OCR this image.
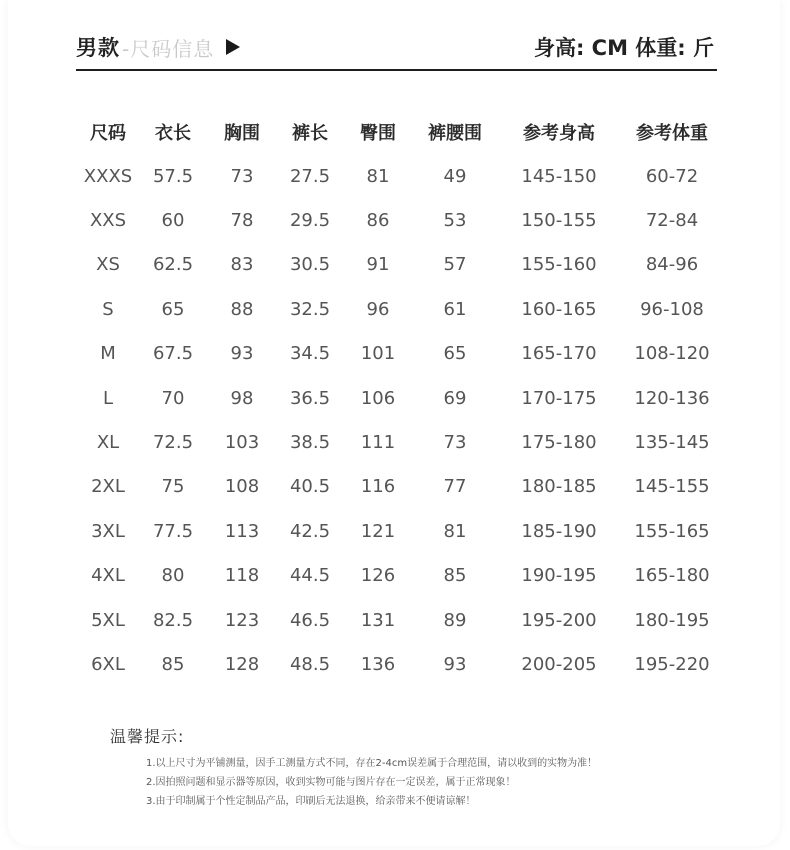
男款 -尺码信息	身高: CM 体重: 斤
尺码	衣长	胸围	裤长	臀围	裤腰围	参考身高	参考体重
XXXS	57.5	73	27.5	81	49	145-150	60-72
XXS	60	78	29.5	86	53	150-155	72-84
XS	62.5	83	30.5	91	57	155-160	84-96
S	65	88	32.5	96	61	160-165	96-108
M	67.5	93	34.5	101	65	165-170	108-120
L	70	98	36.5	106	69	170-175	120-136
XL	72.5	103	38.5	111	73	175-180	135-145
2XL	75	108	40.5	116	77	180-185	145-155
3XL	77.5	113	42.5	121	81	185-190	155-165
4XL	80	118	44.5	126	85	190-195	165-180
5XL	82.5	123	46.5	131	89	195-200	180-195
6XL	85	128	48.5	136	93	200-205	195-220

温馨提示:

1.以上尺寸为平铺测量，因手工测量方式不同，存在2-4cm误差属于合理范围，请以收到的实物为准！

2.因拍照问题和显示器等原因，收到实物可能与图片存在一定误差，属于正常现象！

3.由于印制属于个性定制品产品，印刷后无法退换，给亲带来不便请谅解！
